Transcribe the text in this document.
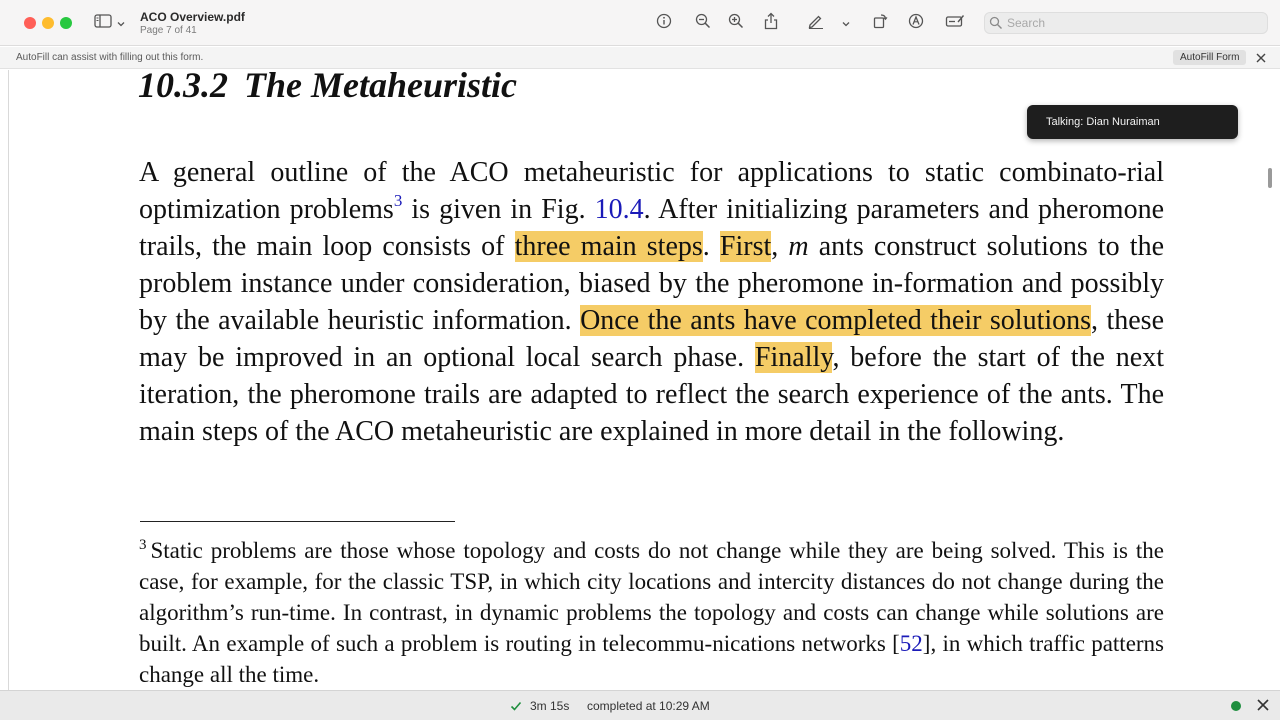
ACO Overview.pdf
Page 7 of 41
Search
AutoFill can assist with filling out this form.	AutoFill Form
10.3.2 The Metaheuristic
A general outline of the ACO metaheuristic for applications to static combinato-rial optimization problems$^3$ is given in Fig. 10.4. After initializing parameters and pheromone trails, the main loop consists of three main steps. First, m ants construct solutions to the problem instance under consideration, biased by the pheromone in-formation and possibly by the available heuristic information. Once the ants have completed their solutions, these may be improved in an optional local search phase. Finally, before the start of the next iteration, the pheromone trails are adapted to reflect the search experience of the ants. The main steps of the ACO metaheuristic are explained in more detail in the following.
$^3$ Static problems are those whose topology and costs do not change while they are being solved. This is the case, for example, for the classic TSP, in which city locations and intercity distances do not change during the algorithm’s run-time. In contrast, in dynamic problems the topology and costs can change while solutions are built. An example of such a problem is routing in telecommu-nications networks [52], in which traffic patterns change all the time.
Talking: Dian Nuraiman
3m 15s completed at 10:29 AM
